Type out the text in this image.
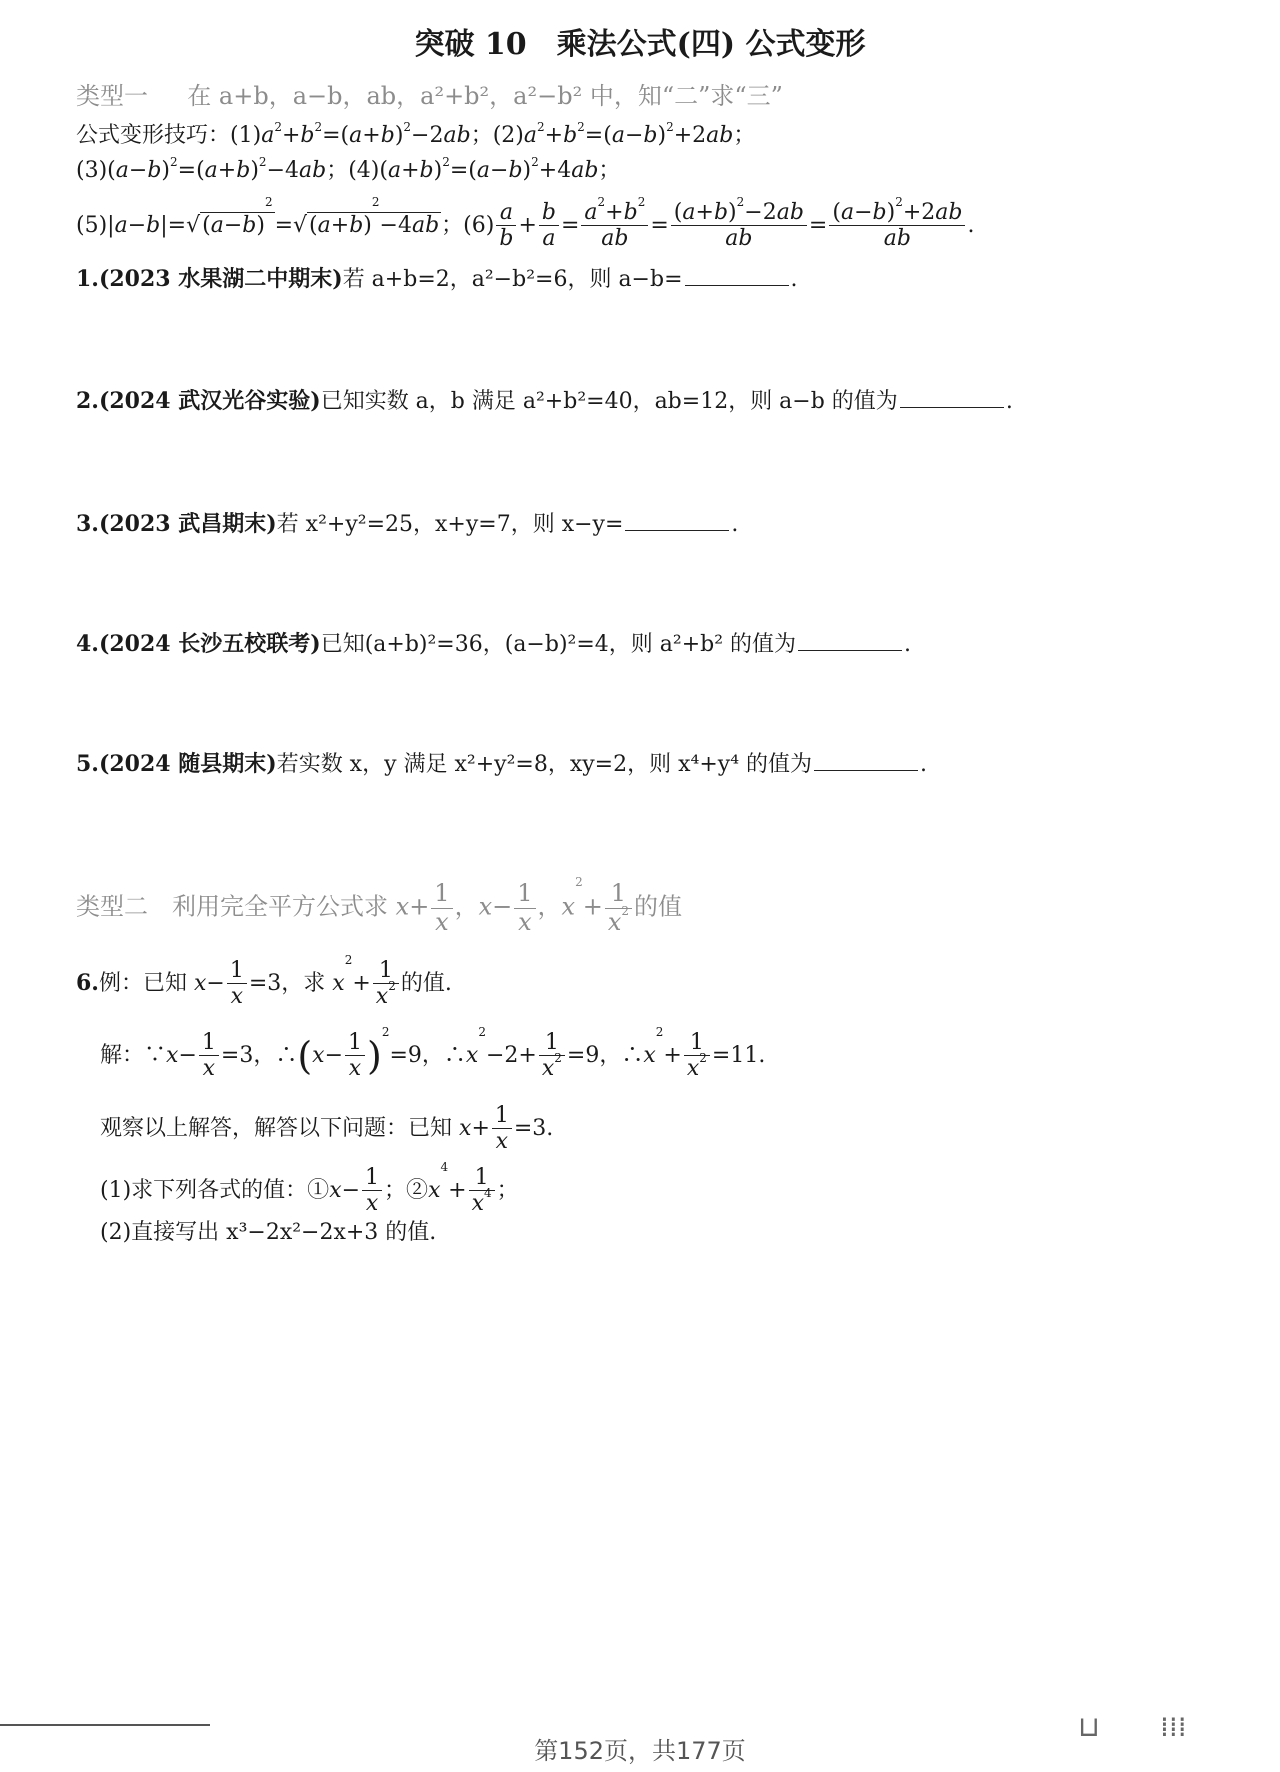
突破 10　乘法公式(四) 公式变形
类型一 　 在 a+b，a−b，ab，a²+b²，a²−b² 中，知“二”求“三”
公式变形技巧：$(1)a^2+b^2=(a+b)^2-2ab$；$(2)a^2+b^2=(a-b)^2+2ab$；
$(3)(a-b)^2=(a+b)^2-4ab$；$(4)(a+b)^2=(a-b)^2+4ab$；
$(5)|a-b|=√(a-b)^2=√(a+b)^2-4ab$；$(6) \frac{a}{b} + \frac{b}{a} = \frac{a^2+b^2}{ab} = \frac{(a+b)^2-2ab}{ab} = \frac{(a-b)^2+2ab}{ab}$ .
1.(2023 水果湖二中期末)若 a+b=2，a²−b²=6，则 a−b=	.
2.(2024 武汉光谷实验)已知实数 a，b 满足 a²+b²=40，ab=12，则 a−b 的值为	.
3.(2023 武昌期末)若 x²+y²=25，x+y=7，则 x−y=	.
4.(2024 长沙五校联考)已知(a+b)²=36，(a−b)²=4，则 a²+b² 的值为	.
5.(2024 随县期末)若实数 x，y 满足 x²+y²=8，xy=2，则 x⁴+y⁴ 的值为	.
类型二　 利用完全平方公式求 $x+ \frac{1}{x}$ ，$x- \frac{1}{x}$ ，$x^2+ \frac{1}{x^2}$ 的值
6.例：已知 $x- \frac{1}{x} =3$，求 $x^2+ \frac{1}{x^2}$ 的值.
解：∵x− $\frac{1}{x} =3$，∴(x− $\frac{1}{x} )^2=9$，$\therefore x^2-2+ \frac{1}{x^2} =9$，$\therefore x^2+ \frac{1}{x^2} =11$.
观察以上解答，解答以下问题：已知 $x+ \frac{1}{x} =3$.
(1)求下列各式的值：①x− $\frac{1}{x}$ ；$②x^4+ \frac{1}{x^4}$ ；
(2)直接写出 x³−2x²−2x+3 的值.
第152页，共177页
⊔ ⁞⁞⁞
